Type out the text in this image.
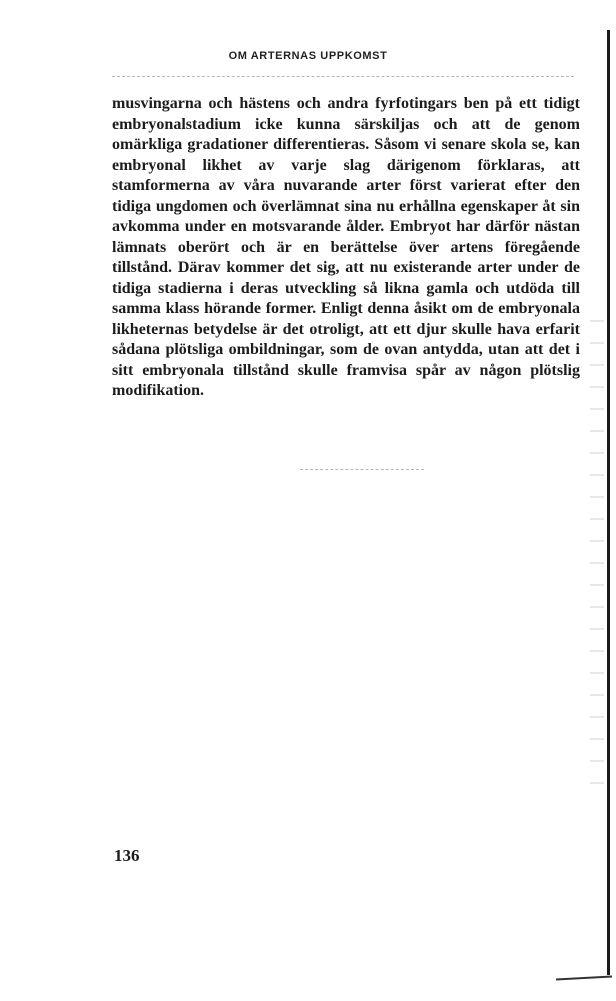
OM ARTERNAS UPPKOMST

musvingarna och hästens och andra fyrfotingars ben på ett tidigt embryonalstadium icke kunna särskiljas och att de genom omärkliga gradationer differentieras. Såsom vi senare skola se, kan embryonal likhet av varje slag därigenom förklaras, att stamformerna av våra nuvarande arter först varierat efter den tidiga ungdomen och överlämnat sina nu erhållna egenskaper åt sin avkomma under en motsvarande ålder. Embryot har därför nästan lämnats oberört och är en berättelse över artens föregående tillstånd. Därav kommer det sig, att nu existerande arter under de tidiga stadierna i deras utveckling så likna gamla och utdöda till samma klass hörande former. Enligt denna åsikt om de embryonala likheternas betydelse är det otroligt, att ett djur skulle hava erfarit sådana plötsliga ombildningar, som de ovan antydda, utan att det i sitt embryonala tillstånd skulle framvisa spår av någon plötslig modifikation.

136
